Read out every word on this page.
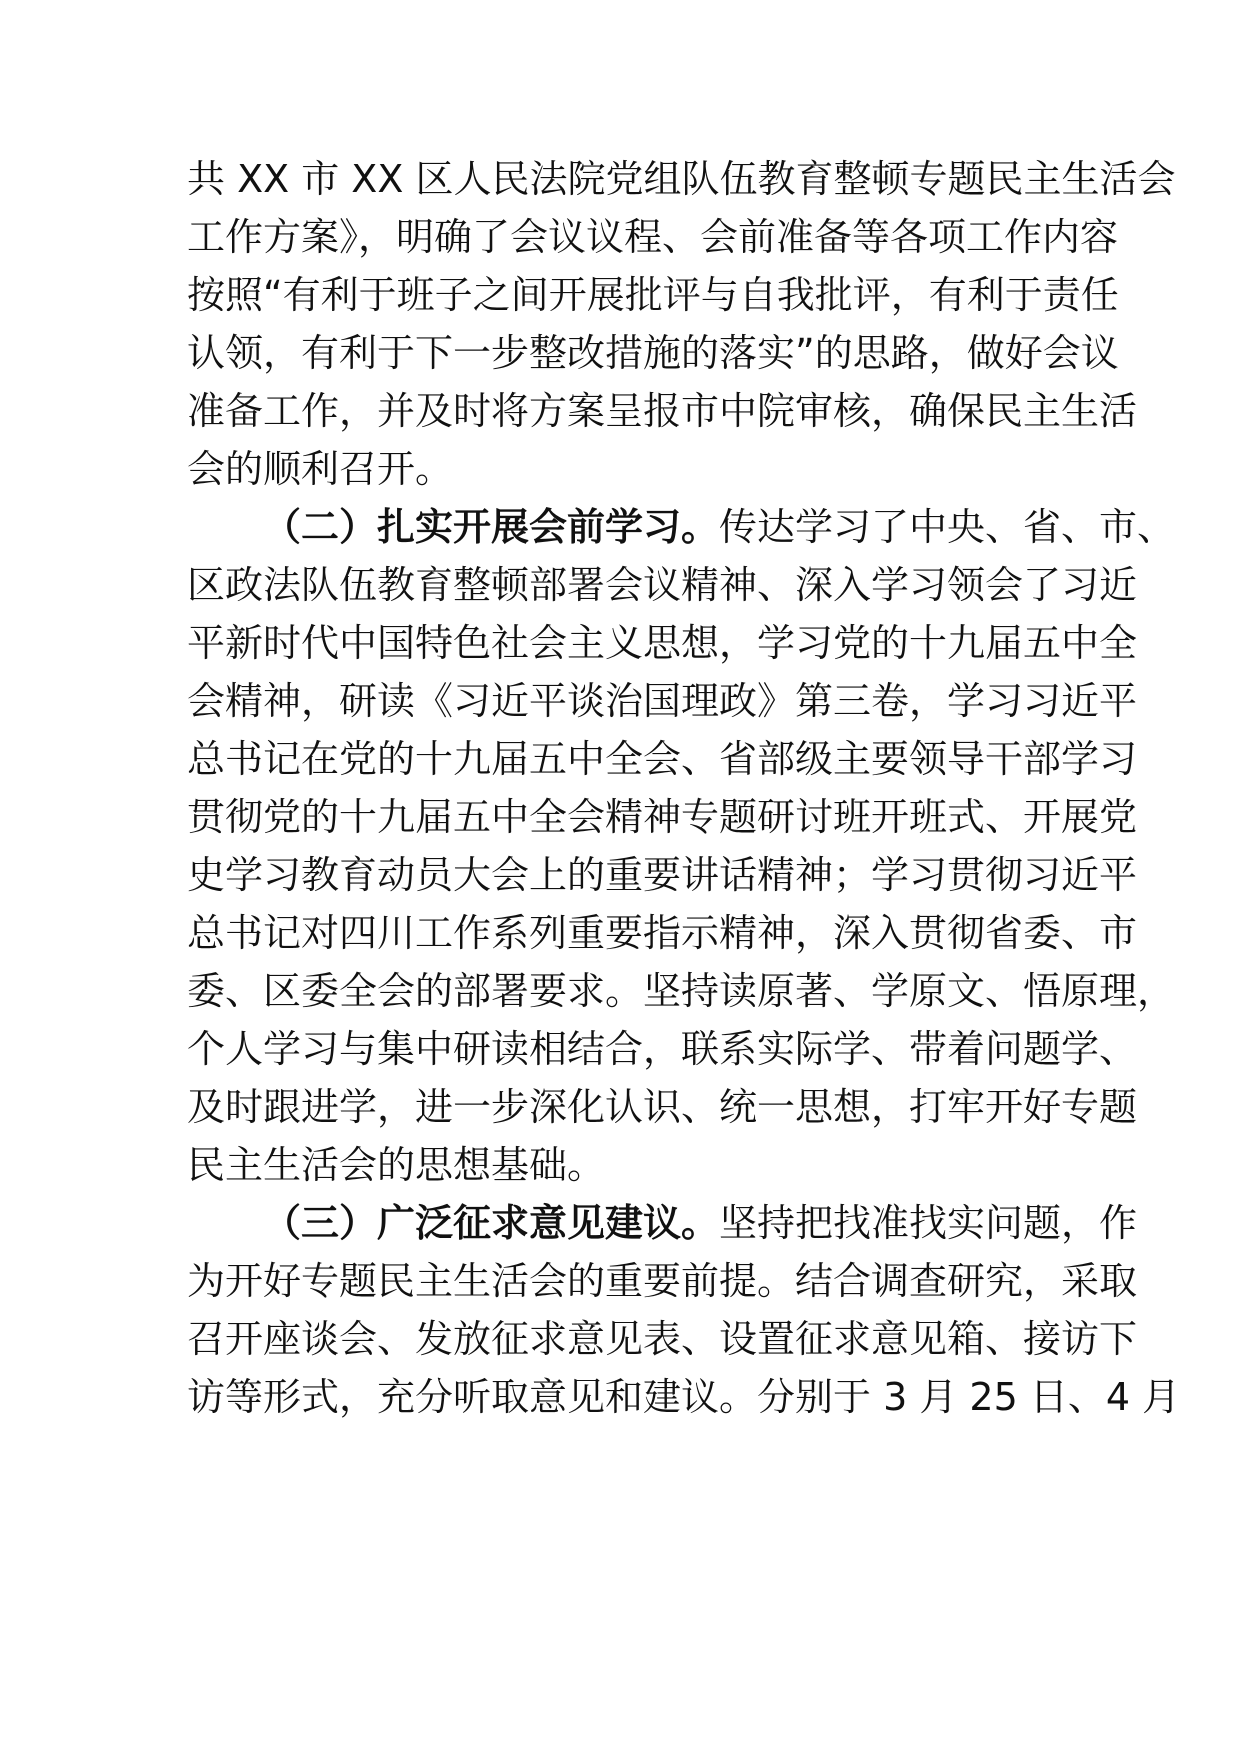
共 XX 市 XX 区人民法院党组队伍教育整顿专题民主生活会

工作方案》，明确了会议议程、会前准备等各项工作内容

按照“有利于班子之间开展批评与自我批评，有利于责任

认领，有利于下一步整改措施的落实”的思路，做好会议

准备工作，并及时将方案呈报市中院审核，确保民主生活

会的顺利召开。

（二）扎实开展会前学习。传达学习了中央、省、市、

区政法队伍教育整顿部署会议精神、深入学习领会了习近

平新时代中国特色社会主义思想，学习党的十九届五中全

会精神，研读《习近平谈治国理政》第三卷，学习习近平

总书记在党的十九届五中全会、省部级主要领导干部学习

贯彻党的十九届五中全会精神专题研讨班开班式、开展党

史学习教育动员大会上的重要讲话精神；学习贯彻习近平

总书记对四川工作系列重要指示精神，深入贯彻省委、市

委、区委全会的部署要求。坚持读原著、学原文、悟原理，

个人学习与集中研读相结合，联系实际学、带着问题学、

及时跟进学，进一步深化认识、统一思想，打牢开好专题

民主生活会的思想基础。

（三）广泛征求意见建议。坚持把找准找实问题，作

为开好专题民主生活会的重要前提。结合调查研究，采取

召开座谈会、发放征求意见表、设置征求意见箱、接访下

访等形式，充分听取意见和建议。分别于 3 月 25 日、4 月
